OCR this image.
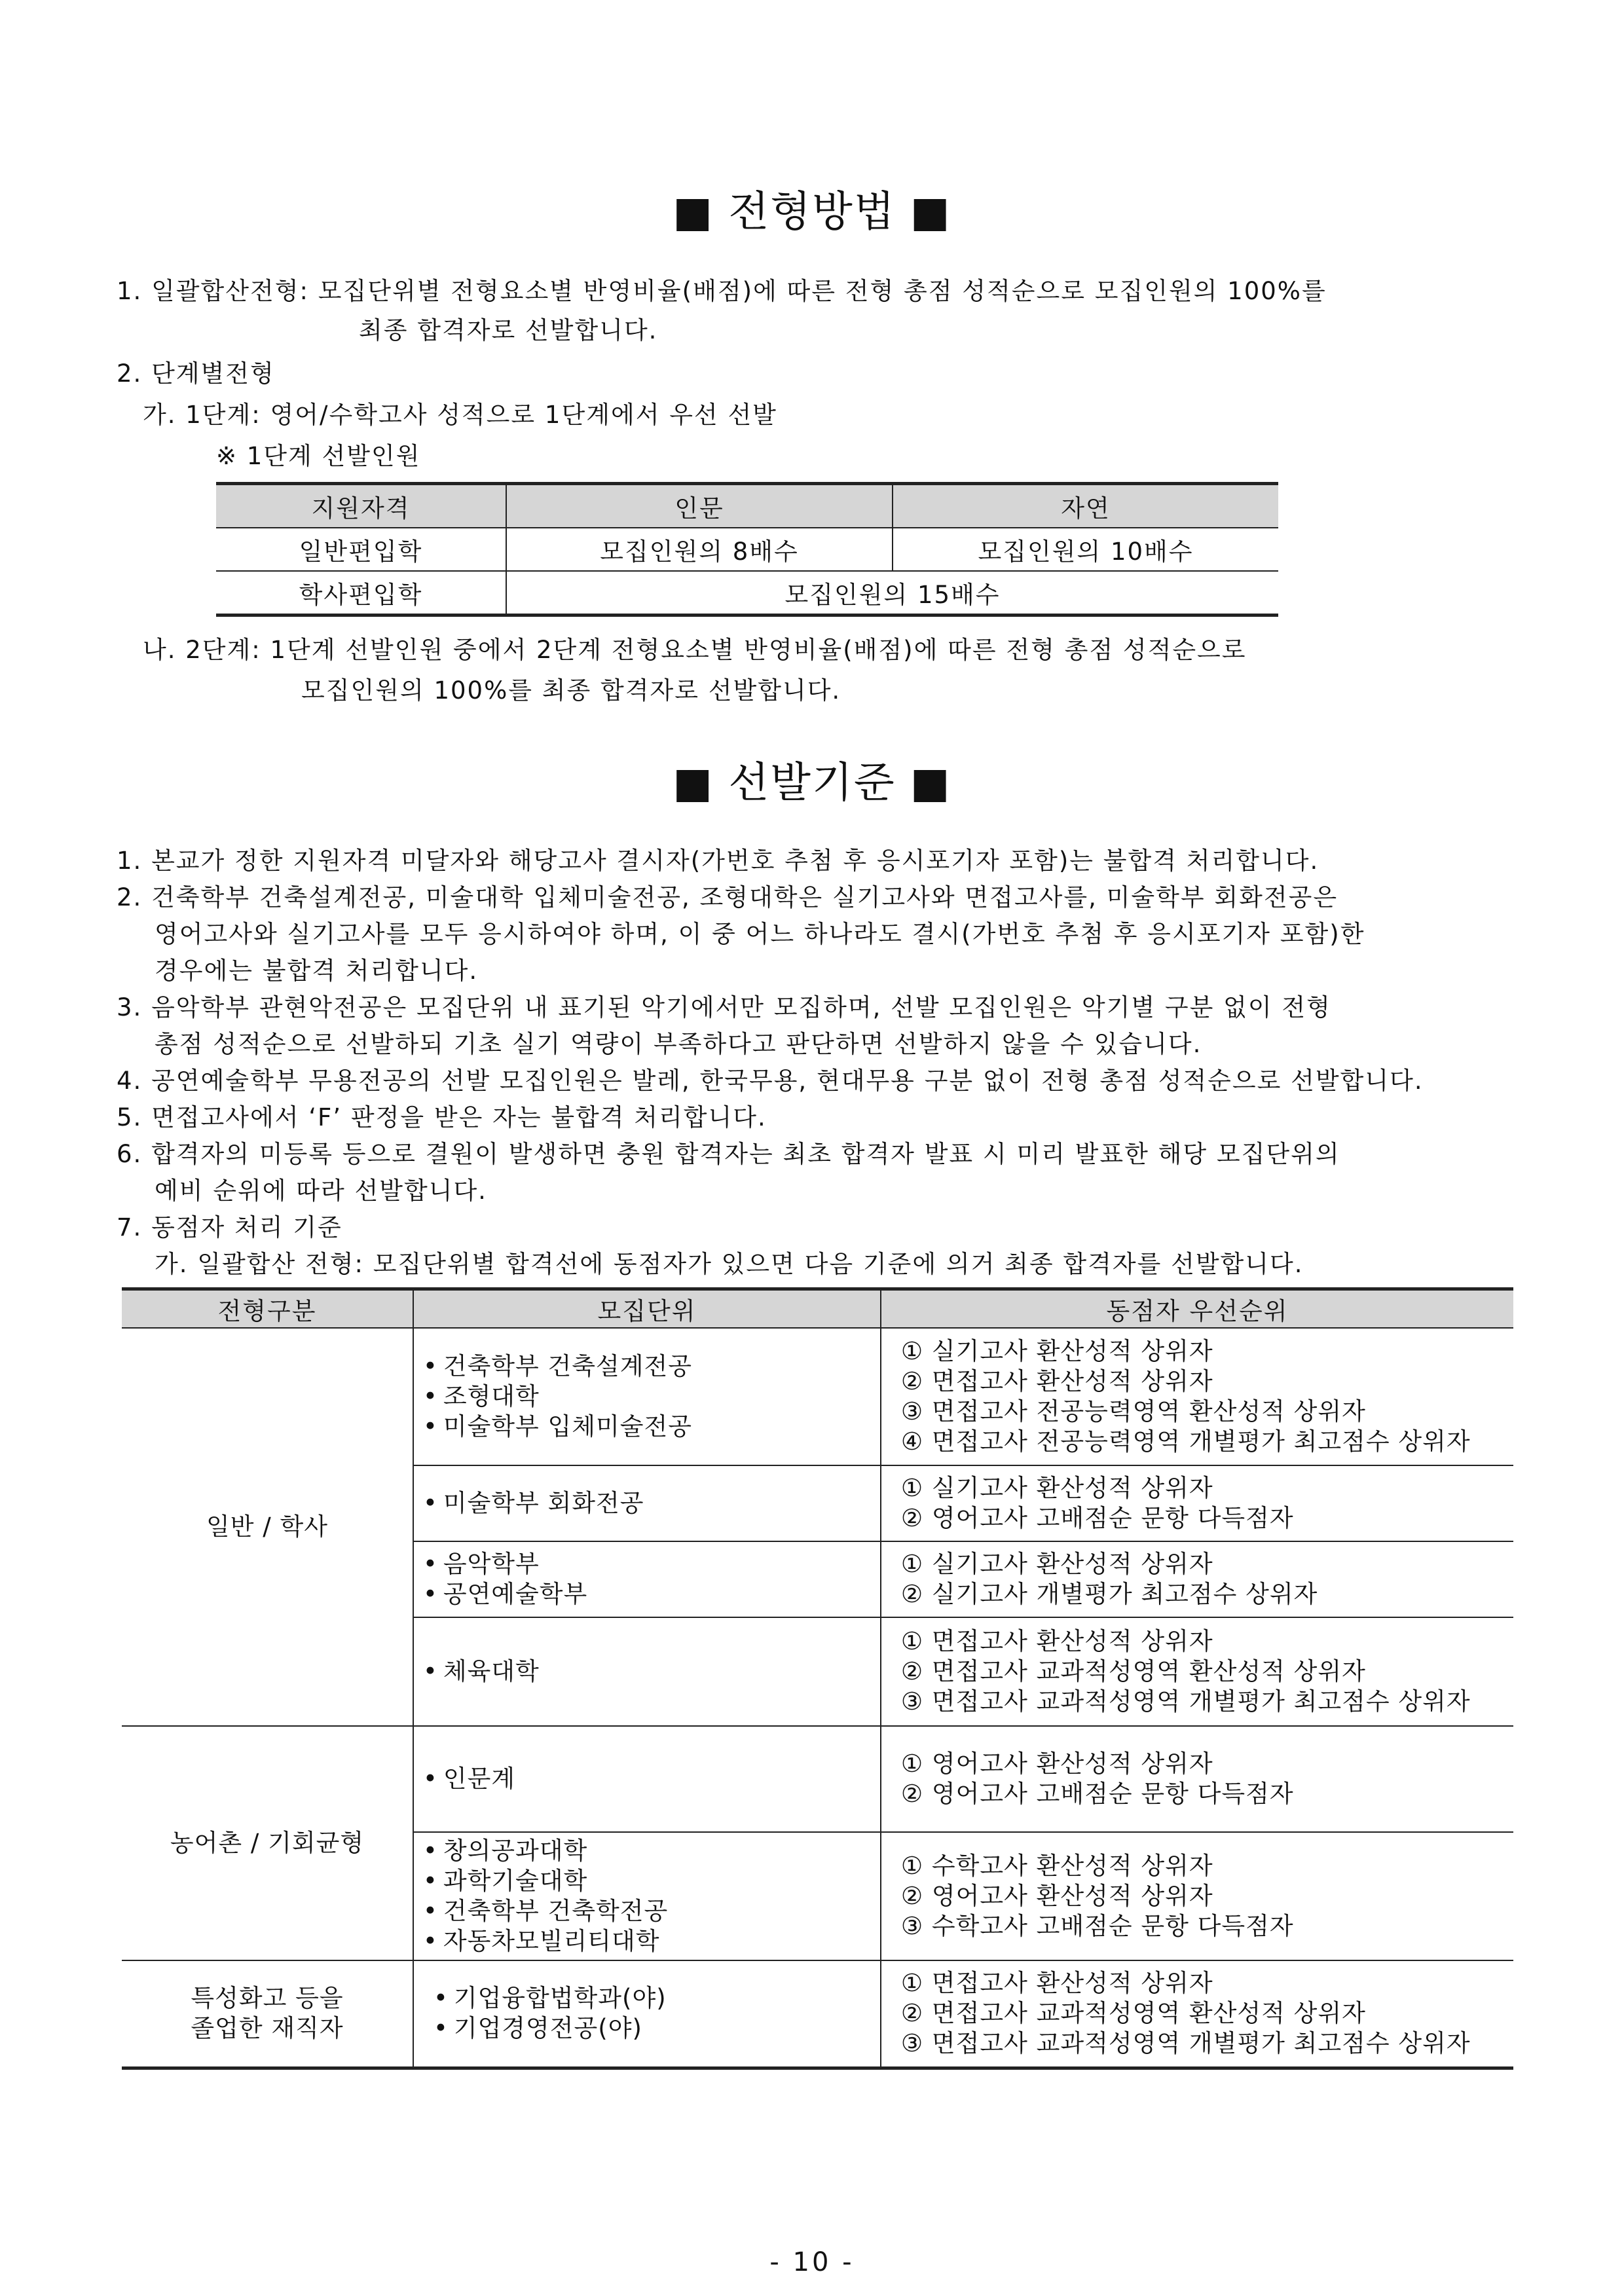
■ 전형방법 ■
1. 일괄합산전형: 모집단위별 전형요소별 반영비율(배점)에 따른 전형 총점 성적순으로 모집인원의 100%를
최종 합격자로 선발합니다.
2. 단계별전형
가. 1단계: 영어/수학고사 성적으로 1단계에서 우선 선발
※ 1단계 선발인원
지원자격	인문	자연
일반편입학	모집인원의 8배수	모집인원의 10배수
학사편입학	모집인원의 15배수	
나. 2단계: 1단계 선발인원 중에서 2단계 전형요소별 반영비율(배점)에 따른 전형 총점 성적순으로
모집인원의 100%를 최종 합격자로 선발합니다.
■ 선발기준 ■
1. 본교가 정한 지원자격 미달자와 해당고사 결시자(가번호 추첨 후 응시포기자 포함)는 불합격 처리합니다.
2. 건축학부 건축설계전공, 미술대학 입체미술전공, 조형대학은 실기고사와 면접고사를, 미술학부 회화전공은
영어고사와 실기고사를 모두 응시하여야 하며, 이 중 어느 하나라도 결시(가번호 추첨 후 응시포기자 포함)한
경우에는 불합격 처리합니다.
3. 음악학부 관현악전공은 모집단위 내 표기된 악기에서만 모집하며, 선발 모집인원은 악기별 구분 없이 전형
총점 성적순으로 선발하되 기초 실기 역량이 부족하다고 판단하면 선발하지 않을 수 있습니다.
4. 공연예술학부 무용전공의 선발 모집인원은 발레, 한국무용, 현대무용 구분 없이 전형 총점 성적순으로 선발합니다.
5. 면접고사에서 ‘F’ 판정을 받은 자는 불합격 처리합니다.
6. 합격자의 미등록 등으로 결원이 발생하면 충원 합격자는 최초 합격자 발표 시 미리 발표한 해당 모집단위의
예비 순위에 따라 선발합니다.
7. 동점자 처리 기준
가. 일괄합산 전형: 모집단위별 합격선에 동점자가 있으면 다음 기준에 의거 최종 합격자를 선발합니다.
전형구분	모집단위	동점자 우선순위
일반 / 학사	• 건축학부 건축설계전공
• 조형대학
• 미술학부 입체미술전공	① 실기고사 환산성적 상위자
② 면접고사 환산성적 상위자
③ 면접고사 전공능력영역 환산성적 상위자
④ 면접고사 전공능력영역 개별평가 최고점수 상위자

	• 미술학부 회화전공	① 실기고사 환산성적 상위자
② 영어고사 고배점순 문항 다득점자

	• 음악학부
• 공연예술학부	① 실기고사 환산성적 상위자
② 실기고사 개별평가 최고점수 상위자

	• 체육대학	① 면접고사 환산성적 상위자
② 면접고사 교과적성영역 환산성적 상위자
③ 면접고사 교과적성영역 개별평가 최고점수 상위자

농어촌 / 기회균형	• 인문계	① 영어고사 환산성적 상위자
② 영어고사 고배점순 문항 다득점자

	• 창의공과대학
• 과학기술대학
• 건축학부 건축학전공
• 자동차모빌리티대학	① 수학고사 환산성적 상위자
② 영어고사 환산성적 상위자
③ 수학고사 고배점순 문항 다득점자

특성화고 등을
졸업한 재직자	• 기업융합법학과(야)
• 기업경영전공(야)	① 면접고사 환산성적 상위자
② 면접고사 교과적성영역 환산성적 상위자
③ 면접고사 교과적성영역 개별평가 최고점수 상위자
- 10 -
